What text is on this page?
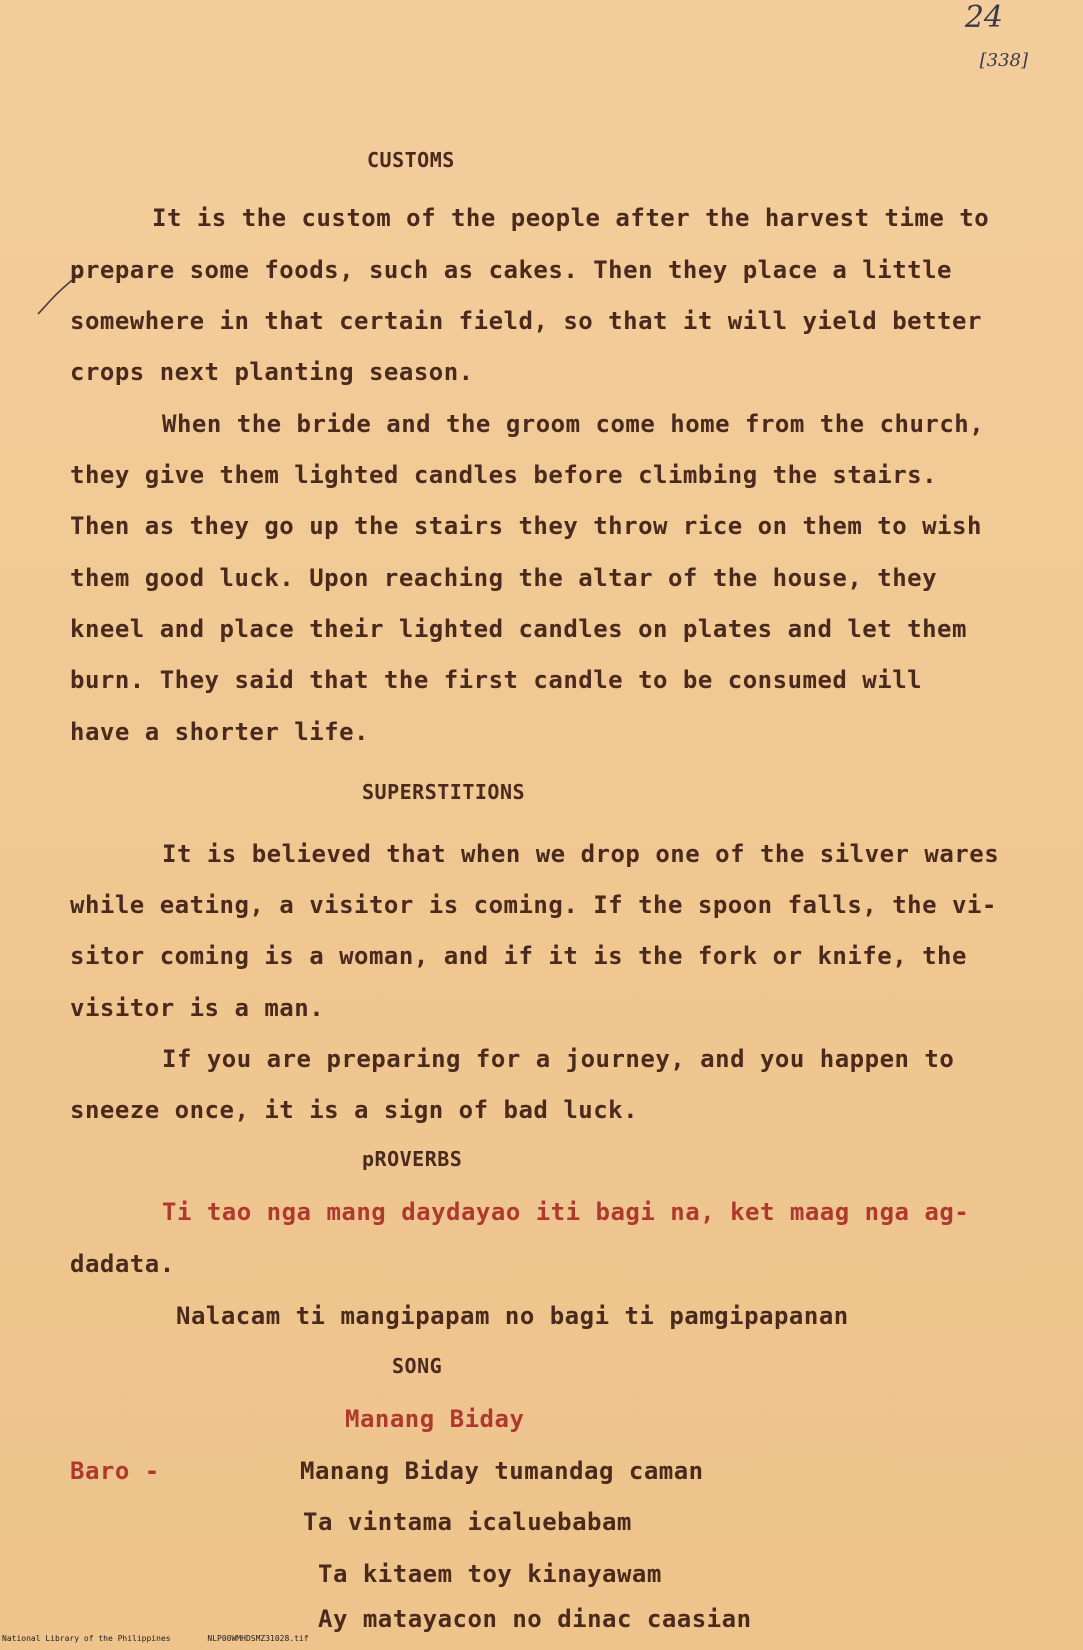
24
[338]
CUSTOMS
It is the custom of the people after the harvest time to
prepare some foods, such as cakes. Then they place a little
somewhere in that certain field, so that it will yield better
crops next planting season.
When the bride and the groom come home from the church,
they give them lighted candles before climbing the stairs.
Then as they go up the stairs they throw rice on them to wish
them good luck. Upon reaching the altar of the house, they
kneel and place their lighted candles on plates and let them
burn. They said that the first candle to be consumed will
have a shorter life.
SUPERSTITIONS
It is believed that when we drop one of the silver wares
while eating, a visitor is coming. If the spoon falls, the vi-
sitor coming is a woman, and if it is the fork or knife, the
visitor is a man.
If you are preparing for a journey, and you happen to
sneeze once, it is a sign of bad luck.
pROVERBS
Ti tao nga mang daydayao iti bagi na, ket maag nga ag-
dadata.
Nalacam ti mangipapam no bagi ti pamgipapanan
SONG
Manang Biday
Baro -	Manang Biday tumandag caman
Ta vintama icaluebabam
Ta kitaem toy kinayawam
Ay matayacon no dinac caasian
National Library of the Philippines	NLP00WMHDSMZ31028.tif
